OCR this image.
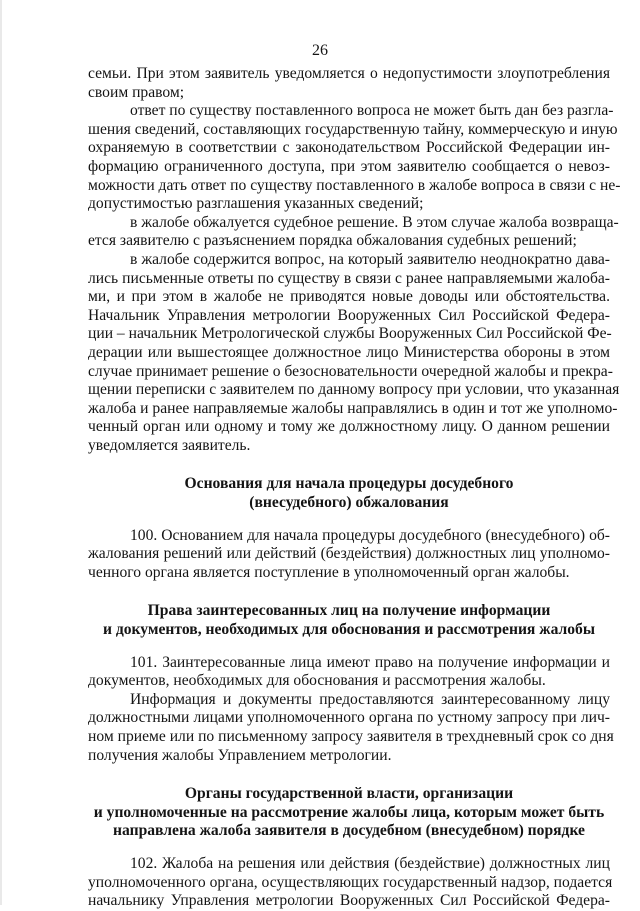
26
семьи. При этом заявитель уведомляется о недопустимости злоупотребления
своим правом;
ответ по существу поставленного вопроса не может быть дан без разгла-
шения сведений, составляющих государственную тайну, коммерческую и иную
охраняемую в соответствии с законодательством Российской Федерации ин-
формацию ограниченного доступа, при этом заявителю сообщается о невоз-
можности дать ответ по существу поставленного в жалобе вопроса в связи с не-
допустимостью разглашения указанных сведений;
в жалобе обжалуется судебное решение. В этом случае жалоба возвраща-
ется заявителю с разъяснением порядка обжалования судебных решений;
в жалобе содержится вопрос, на который заявителю неоднократно дава-
лись письменные ответы по существу в связи с ранее направляемыми жалоба-
ми, и при этом в жалобе не приводятся новые доводы или обстоятельства.
Начальник Управления метрологии Вооруженных Сил Российской Федера-
ции – начальник Метрологической службы Вооруженных Сил Российской Фе-
дерации или вышестоящее должностное лицо Министерства обороны в этом
случае принимает решение о безосновательности очередной жалобы и прекра-
щении переписки с заявителем по данному вопросу при условии, что указанная
жалоба и ранее направляемые жалобы направлялись в один и тот же уполномо-
ченный орган или одному и тому же должностному лицу. О данном решении
уведомляется заявитель.
Основания для начала процедуры досудебного
(внесудебного) обжалования
100. Основанием для начала процедуры досудебного (внесудебного) об-
жалования решений или действий (бездействия) должностных лиц уполномо-
ченного органа является поступление в уполномоченный орган жалобы.
Права заинтересованных лиц на получение информации
и документов, необходимых для обоснования и рассмотрения жалобы
101. Заинтересованные лица имеют право на получение информации и
документов, необходимых для обоснования и рассмотрения жалобы.
Информация и документы предоставляются заинтересованному лицу
должностными лицами уполномоченного органа по устному запросу при лич-
ном приеме или по письменному запросу заявителя в трехдневный срок со дня
получения жалобы Управлением метрологии.
Органы государственной власти, организации
и уполномоченные на рассмотрение жалобы лица, которым может быть
направлена жалоба заявителя в досудебном (внесудебном) порядке
102. Жалоба на решения или действия (бездействие) должностных лиц
уполномоченного органа, осуществляющих государственный надзор, подается
начальнику Управления метрологии Вооруженных Сил Российской Федера-
